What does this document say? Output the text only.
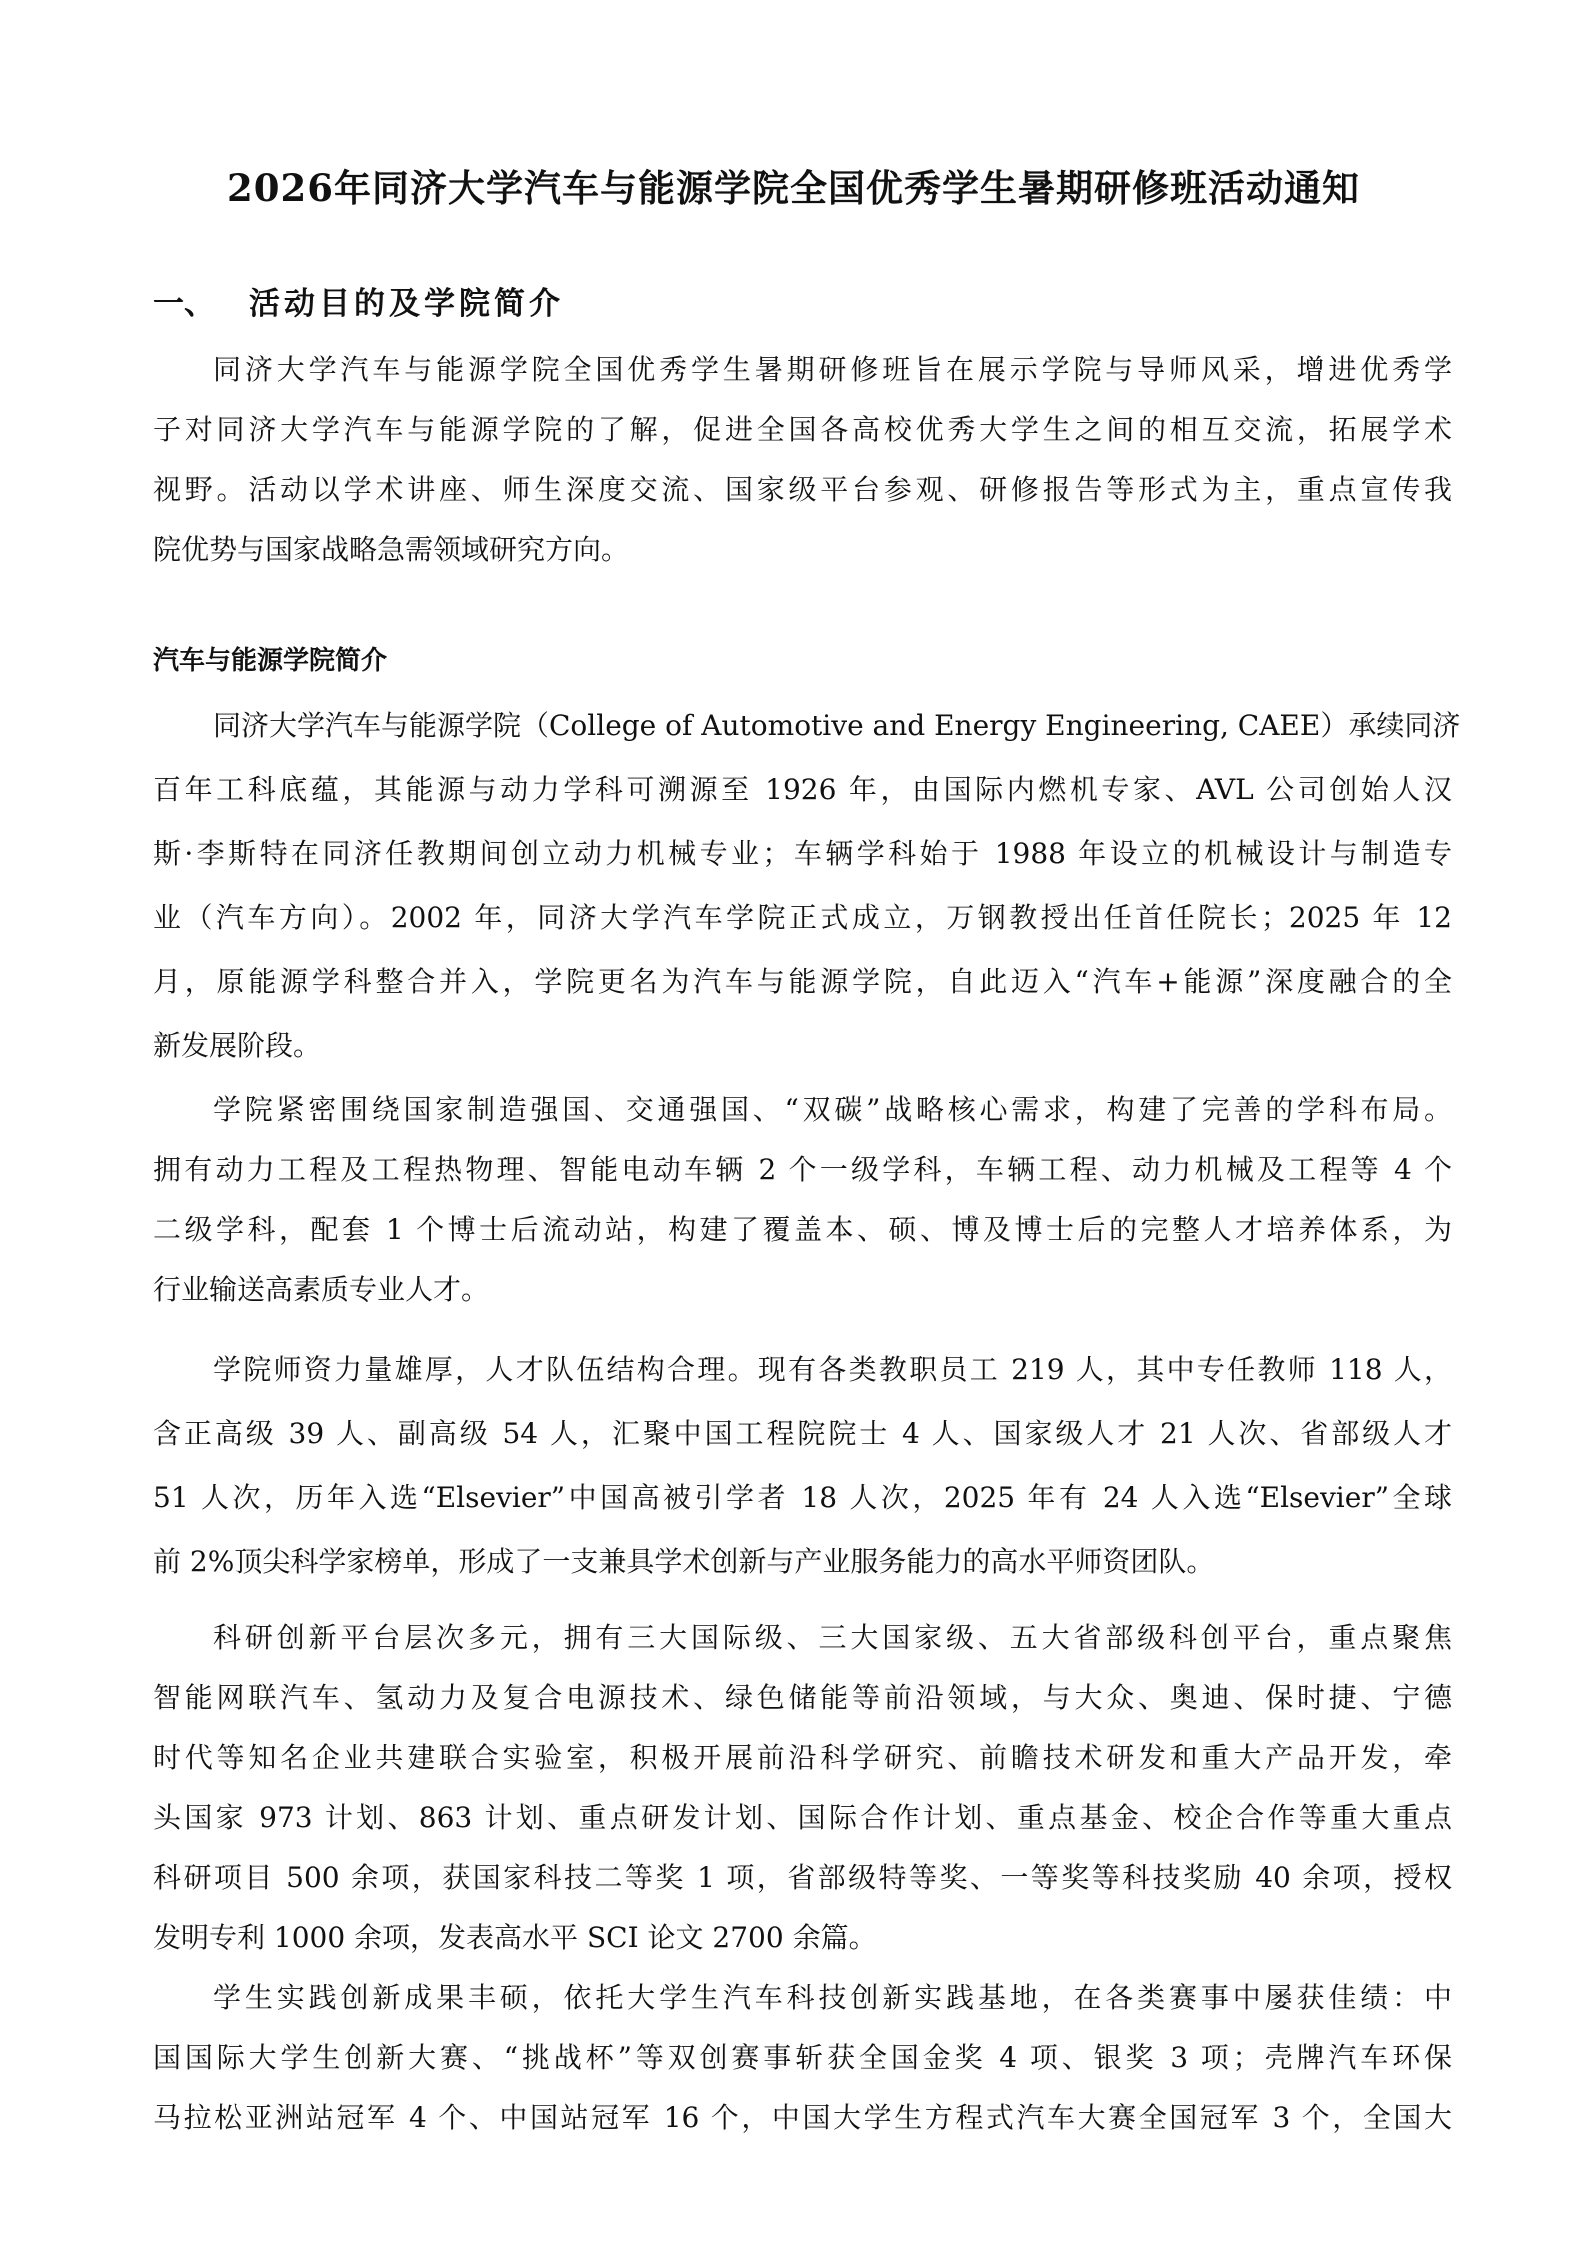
2026年同济大学汽车与能源学院全国优秀学生暑期研修班活动通知
一、 活动目的及学院简介
同济大学汽车与能源学院全国优秀学生暑期研修班旨在展示学院与导师风采，增进优秀学
子对同济大学汽车与能源学院的了解，促进全国各高校优秀大学生之间的相互交流，拓展学术
视野。活动以学术讲座、师生深度交流、国家级平台参观、研修报告等形式为主，重点宣传我
院优势与国家战略急需领域研究方向。
汽车与能源学院简介
同济大学汽车与能源学院（College of Automotive and Energy Engineering, CAEE）承续同济
百年工科底蕴，其能源与动力学科可溯源至 1926 年，由国际内燃机专家、AVL 公司创始人汉
斯·李斯特在同济任教期间创立动力机械专业；车辆学科始于 1988 年设立的机械设计与制造专
业（汽车方向）。2002 年，同济大学汽车学院正式成立，万钢教授出任首任院长；2025 年 12
月，原能源学科整合并入，学院更名为汽车与能源学院，自此迈入“汽车+能源”深度融合的全
新发展阶段。
学院紧密围绕国家制造强国、交通强国、“双碳”战略核心需求，构建了完善的学科布局。
拥有动力工程及工程热物理、智能电动车辆 2 个一级学科，车辆工程、动力机械及工程等 4 个
二级学科，配套 1 个博士后流动站，构建了覆盖本、硕、博及博士后的完整人才培养体系，为
行业输送高素质专业人才。
学院师资力量雄厚，人才队伍结构合理。现有各类教职员工 219 人，其中专任教师 118 人，
含正高级 39 人、副高级 54 人，汇聚中国工程院院士 4 人、国家级人才 21 人次、省部级人才
51 人次，历年入选“Elsevier”中国高被引学者 18 人次，2025 年有 24 人入选“Elsevier”全球
前 2%顶尖科学家榜单，形成了一支兼具学术创新与产业服务能力的高水平师资团队。
科研创新平台层次多元，拥有三大国际级、三大国家级、五大省部级科创平台，重点聚焦
智能网联汽车、氢动力及复合电源技术、绿色储能等前沿领域，与大众、奥迪、保时捷、宁德
时代等知名企业共建联合实验室，积极开展前沿科学研究、前瞻技术研发和重大产品开发，牵
头国家 973 计划、863 计划、重点研发计划、国际合作计划、重点基金、校企合作等重大重点
科研项目 500 余项，获国家科技二等奖 1 项，省部级特等奖、一等奖等科技奖励 40 余项，授权
发明专利 1000 余项，发表高水平 SCI 论文 2700 余篇。
学生实践创新成果丰硕，依托大学生汽车科技创新实践基地，在各类赛事中屡获佳绩：中
国国际大学生创新大赛、“挑战杯”等双创赛事斩获全国金奖 4 项、银奖 3 项；壳牌汽车环保
马拉松亚洲站冠军 4 个、中国站冠军 16 个，中国大学生方程式汽车大赛全国冠军 3 个，全国大
